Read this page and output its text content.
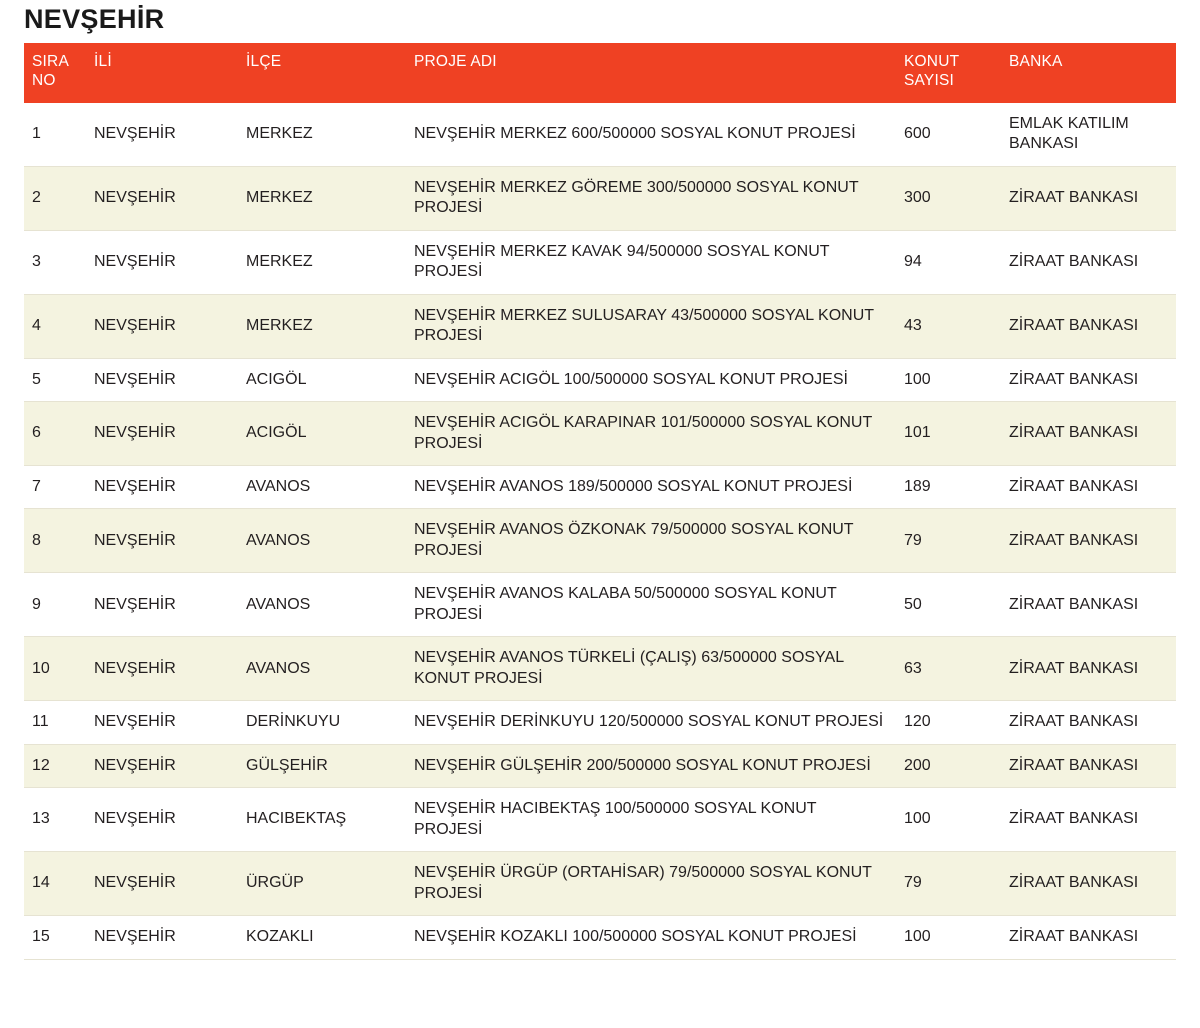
NEVŞEHİR
SIRA NO	İLİ	İLÇE	PROJE ADI	KONUT SAYISI	BANKA
1	NEVŞEHİR	MERKEZ	NEVŞEHİR MERKEZ 600/500000 SOSYAL KONUT PROJESİ	600	EMLAK KATILIM BANKASI
2	NEVŞEHİR	MERKEZ	NEVŞEHİR MERKEZ GÖREME 300/500000 SOSYAL KONUT PROJESİ	300	ZİRAAT BANKASI
3	NEVŞEHİR	MERKEZ	NEVŞEHİR MERKEZ KAVAK 94/500000 SOSYAL KONUT PROJESİ	94	ZİRAAT BANKASI
4	NEVŞEHİR	MERKEZ	NEVŞEHİR MERKEZ SULUSARAY 43/500000 SOSYAL KONUT PROJESİ	43	ZİRAAT BANKASI
5	NEVŞEHİR	ACIGÖL	NEVŞEHİR ACIGÖL 100/500000 SOSYAL KONUT PROJESİ	100	ZİRAAT BANKASI
6	NEVŞEHİR	ACIGÖL	NEVŞEHİR ACIGÖL KARAPINAR 101/500000 SOSYAL KONUT PROJESİ	101	ZİRAAT BANKASI
7	NEVŞEHİR	AVANOS	NEVŞEHİR AVANOS 189/500000 SOSYAL KONUT PROJESİ	189	ZİRAAT BANKASI
8	NEVŞEHİR	AVANOS	NEVŞEHİR AVANOS ÖZKONAK 79/500000 SOSYAL KONUT PROJESİ	79	ZİRAAT BANKASI
9	NEVŞEHİR	AVANOS	NEVŞEHİR AVANOS KALABA 50/500000 SOSYAL KONUT PROJESİ	50	ZİRAAT BANKASI
10	NEVŞEHİR	AVANOS	NEVŞEHİR AVANOS TÜRKELİ (ÇALIŞ) 63/500000 SOSYAL KONUT PROJESİ	63	ZİRAAT BANKASI
11	NEVŞEHİR	DERİNKUYU	NEVŞEHİR DERİNKUYU 120/500000 SOSYAL KONUT PROJESİ	120	ZİRAAT BANKASI
12	NEVŞEHİR	GÜLŞEHİR	NEVŞEHİR GÜLŞEHİR 200/500000 SOSYAL KONUT PROJESİ	200	ZİRAAT BANKASI
13	NEVŞEHİR	HACIBEKTAŞ	NEVŞEHİR HACIBEKTAŞ 100/500000 SOSYAL KONUT PROJESİ	100	ZİRAAT BANKASI
14	NEVŞEHİR	ÜRGÜP	NEVŞEHİR ÜRGÜP (ORTAHİSAR) 79/500000 SOSYAL KONUT PROJESİ	79	ZİRAAT BANKASI
15	NEVŞEHİR	KOZAKLI	NEVŞEHİR KOZAKLI 100/500000 SOSYAL KONUT PROJESİ	100	ZİRAAT BANKASI
